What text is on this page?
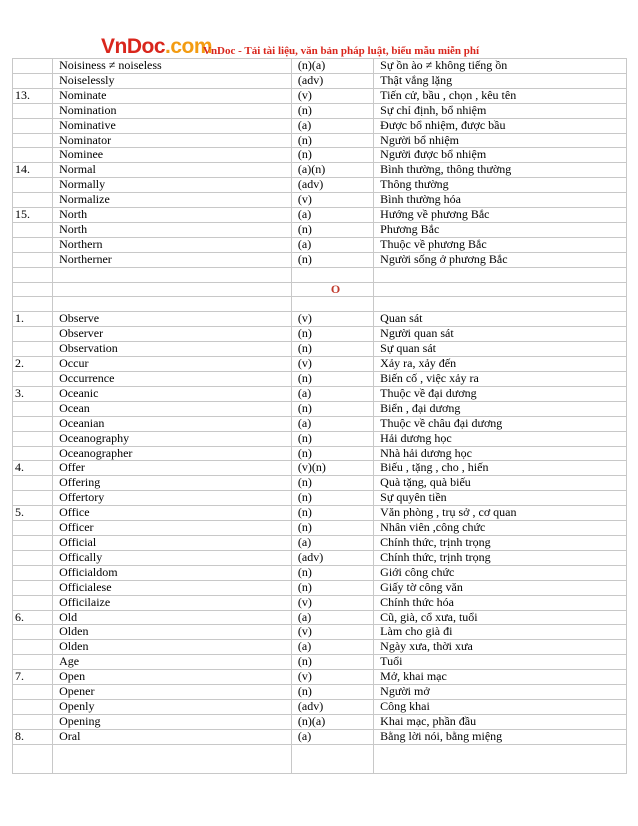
VnDoc.com
VnDoc - Tải tài liệu, văn bản pháp luật, biểu mẫu miễn phí
	Noisiness ≠ noiseless	(n)(a)	Sự ồn ào ≠ không tiếng ồn
	Noiselessly	(adv)	Thật vắng lặng
13.	Nominate	(v)	Tiến cử, bầu , chọn , kêu tên
	Nomination	(n)	Sự chỉ định, bổ nhiệm
	Nominative	(a)	Được bổ nhiệm, được bầu
	Nominator	(n)	Người bổ nhiệm
	Nominee	(n)	Người được bổ nhiệm
14.	Normal	(a)(n)	Bình thường, thông thường
	Normally	(adv)	Thông thường
	Normalize	(v)	Bình thường hóa
15.	North	(a)	Hướng về phương Bắc
	North	(n)	Phương Bắc
	Northern	(a)	Thuộc về phương Bắc
	Northerner	(n)	Người sống ở phương Bắc

		O	

1.	Observe	(v)	Quan sát
	Observer	(n)	Người quan sát
	Observation	(n)	Sự quan sát
2.	Occur	(v)	Xảy ra, xảy đến
	Occurrence	(n)	Biến cố , việc xảy ra
3.	Oceanic	(a)	Thuộc về đại dương
	Ocean	(n)	Biển , đại dương
	Oceanian	(a)	Thuộc về châu đại dương
	Oceanography	(n)	Hải dương học
	Oceanographer	(n)	Nhà hải dương học
4.	Offer	(v)(n)	Biếu , tặng , cho , hiến
	Offering	(n)	Quà tặng, quà biếu
	Offertory	(n)	Sự quyên tiền
5.	Office	(n)	Văn phòng , trụ sở , cơ quan
	Officer	(n)	Nhân viên ,công chức
	Official	(a)	Chính thức, trịnh trọng
	Offically	(adv)	Chính thức, trịnh trọng
	Officialdom	(n)	Giới công chức
	Officialese	(n)	Giấy tờ công văn
	Officilaize	(v)	Chính thức hóa
6.	Old	(a)	Cũ, già, cổ xưa, tuổi
	Olden	(v)	Làm cho già đi
	Olden	(a)	Ngày xưa, thời xưa
	Age	(n)	Tuổi
7.	Open	(v)	Mở, khai mạc
	Opener	(n)	Người mở
	Openly	(adv)	Công khai
	Opening	(n)(a)	Khai mạc, phần đầu
8.	Oral	(a)	Bằng lời nói, bằng miệng
